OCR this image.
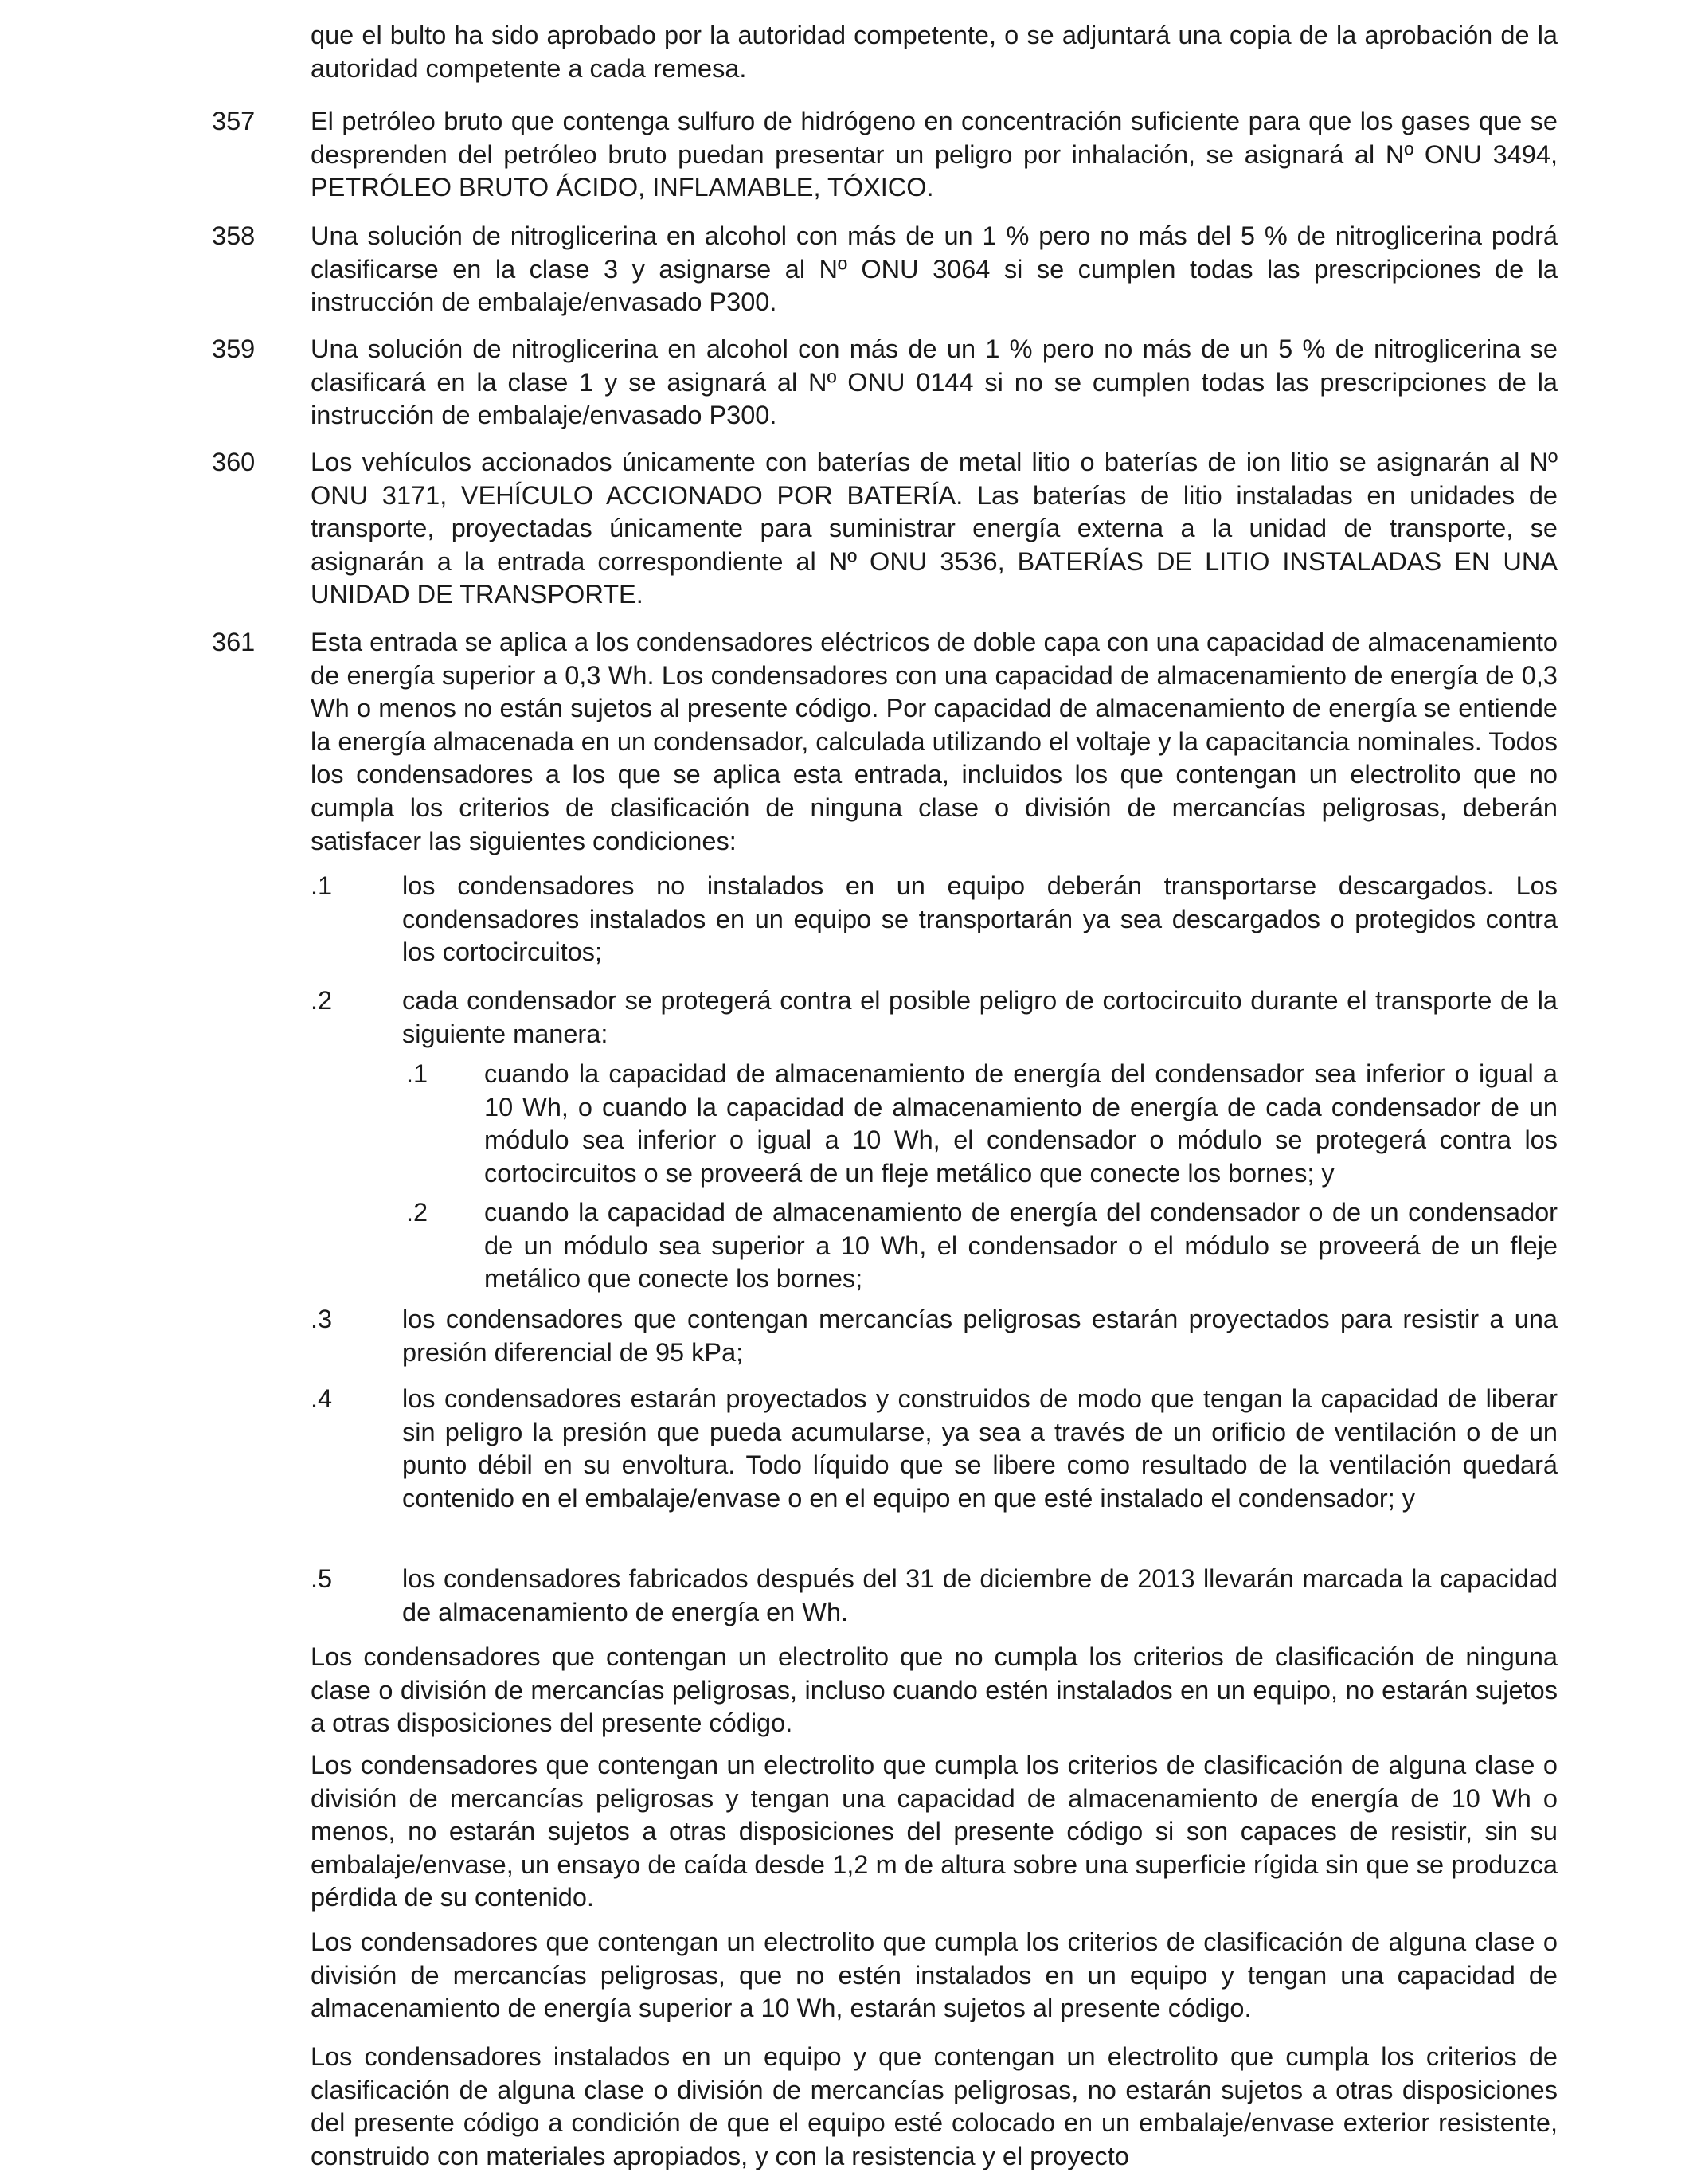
que el bulto ha sido aprobado por la autoridad competente, o se adjuntará una copia de la aprobación de la autoridad competente a cada remesa.

357	El petróleo bruto que contenga sulfuro de hidrógeno en concentración suficiente para que los gases que se desprenden del petróleo bruto puedan presentar un peligro por inhalación, se asignará al Nº ONU 3494, PETRÓLEO BRUTO ÁCIDO, INFLAMABLE, TÓXICO.

358	Una solución de nitroglicerina en alcohol con más de un 1 % pero no más del 5 % de nitroglicerina podrá clasificarse en la clase 3 y asignarse al Nº ONU 3064 si se cumplen todas las prescripciones de la instrucción de embalaje/envasado P300.

359	Una solución de nitroglicerina en alcohol con más de un 1 % pero no más de un 5 % de nitroglicerina se clasificará en la clase 1 y se asignará al Nº ONU 0144 si no se cumplen todas las prescripciones de la instrucción de embalaje/envasado P300.

360	Los vehículos accionados únicamente con baterías de metal litio o baterías de ion litio se asignarán al Nº ONU 3171, VEHÍCULO ACCIONADO POR BATERÍA. Las baterías de litio instaladas en unidades de transporte, proyectadas únicamente para suministrar energía externa a la unidad de transporte, se asignarán a la entrada correspondiente al Nº ONU 3536, BATERÍAS DE LITIO INSTALADAS EN UNA UNIDAD DE TRANSPORTE.

361	Esta entrada se aplica a los condensadores eléctricos de doble capa con una capacidad de almacenamiento de energía superior a 0,3 Wh. Los condensadores con una capacidad de almacenamiento de energía de 0,3 Wh o menos no están sujetos al presente código. Por capacidad de almacenamiento de energía se entiende la energía almacenada en un condensador, calculada utilizando el voltaje y la capacitancia nominales. Todos los condensadores a los que se aplica esta entrada, incluidos los que contengan un electrolito que no cumpla los criterios de clasificación de ninguna clase o división de mercancías peligrosas, deberán satisfacer las siguientes condiciones:

.1	los condensadores no instalados en un equipo deberán transportarse descargados. Los condensadores instalados en un equipo se transportarán ya sea descargados o protegidos contra los cortocircuitos;

.2	cada condensador se protegerá contra el posible peligro de cortocircuito durante el transporte de la siguiente manera:

.1	cuando la capacidad de almacenamiento de energía del condensador sea inferior o igual a 10 Wh, o cuando la capacidad de almacenamiento de energía de cada condensador de un módulo sea inferior o igual a 10 Wh, el condensador o módulo se protegerá contra los cortocircuitos o se proveerá de un fleje metálico que conecte los bornes; y

.2	cuando la capacidad de almacenamiento de energía del condensador o de un condensador de un módulo sea superior a 10 Wh, el condensador o el módulo se proveerá de un fleje metálico que conecte los bornes;

.3	los condensadores que contengan mercancías peligrosas estarán proyectados para resistir a una presión diferencial de 95 kPa;

.4	los condensadores estarán proyectados y construidos de modo que tengan la capacidad de liberar sin peligro la presión que pueda acumularse, ya sea a través de un orificio de ventilación o de un punto débil en su envoltura. Todo líquido que se libere como resultado de la ventilación quedará contenido en el embalaje/envase o en el equipo en que esté instalado el condensador; y

.5	los condensadores fabricados después del 31 de diciembre de 2013 llevarán marcada la capacidad de almacenamiento de energía en Wh.

Los condensadores que contengan un electrolito que no cumpla los criterios de clasificación de ninguna clase o división de mercancías peligrosas, incluso cuando estén instalados en un equipo, no estarán sujetos a otras disposiciones del presente código.

Los condensadores que contengan un electrolito que cumpla los criterios de clasificación de alguna clase o división de mercancías peligrosas y tengan una capacidad de almacenamiento de energía de 10 Wh o menos, no estarán sujetos a otras disposiciones del presente código si son capaces de resistir, sin su embalaje/envase, un ensayo de caída desde 1,2 m de altura sobre una superficie rígida sin que se produzca pérdida de su contenido.

Los condensadores que contengan un electrolito que cumpla los criterios de clasificación de alguna clase o división de mercancías peligrosas, que no estén instalados en un equipo y tengan una capacidad de almacenamiento de energía superior a 10 Wh, estarán sujetos al presente código.

Los condensadores instalados en un equipo y que contengan un electrolito que cumpla los criterios de clasificación de alguna clase o división de mercancías peligrosas, no estarán sujetos a otras disposiciones del presente código a condición de que el equipo esté colocado en un embalaje/envase exterior resistente, construido con materiales apropiados, y con la resistencia y el proyecto
